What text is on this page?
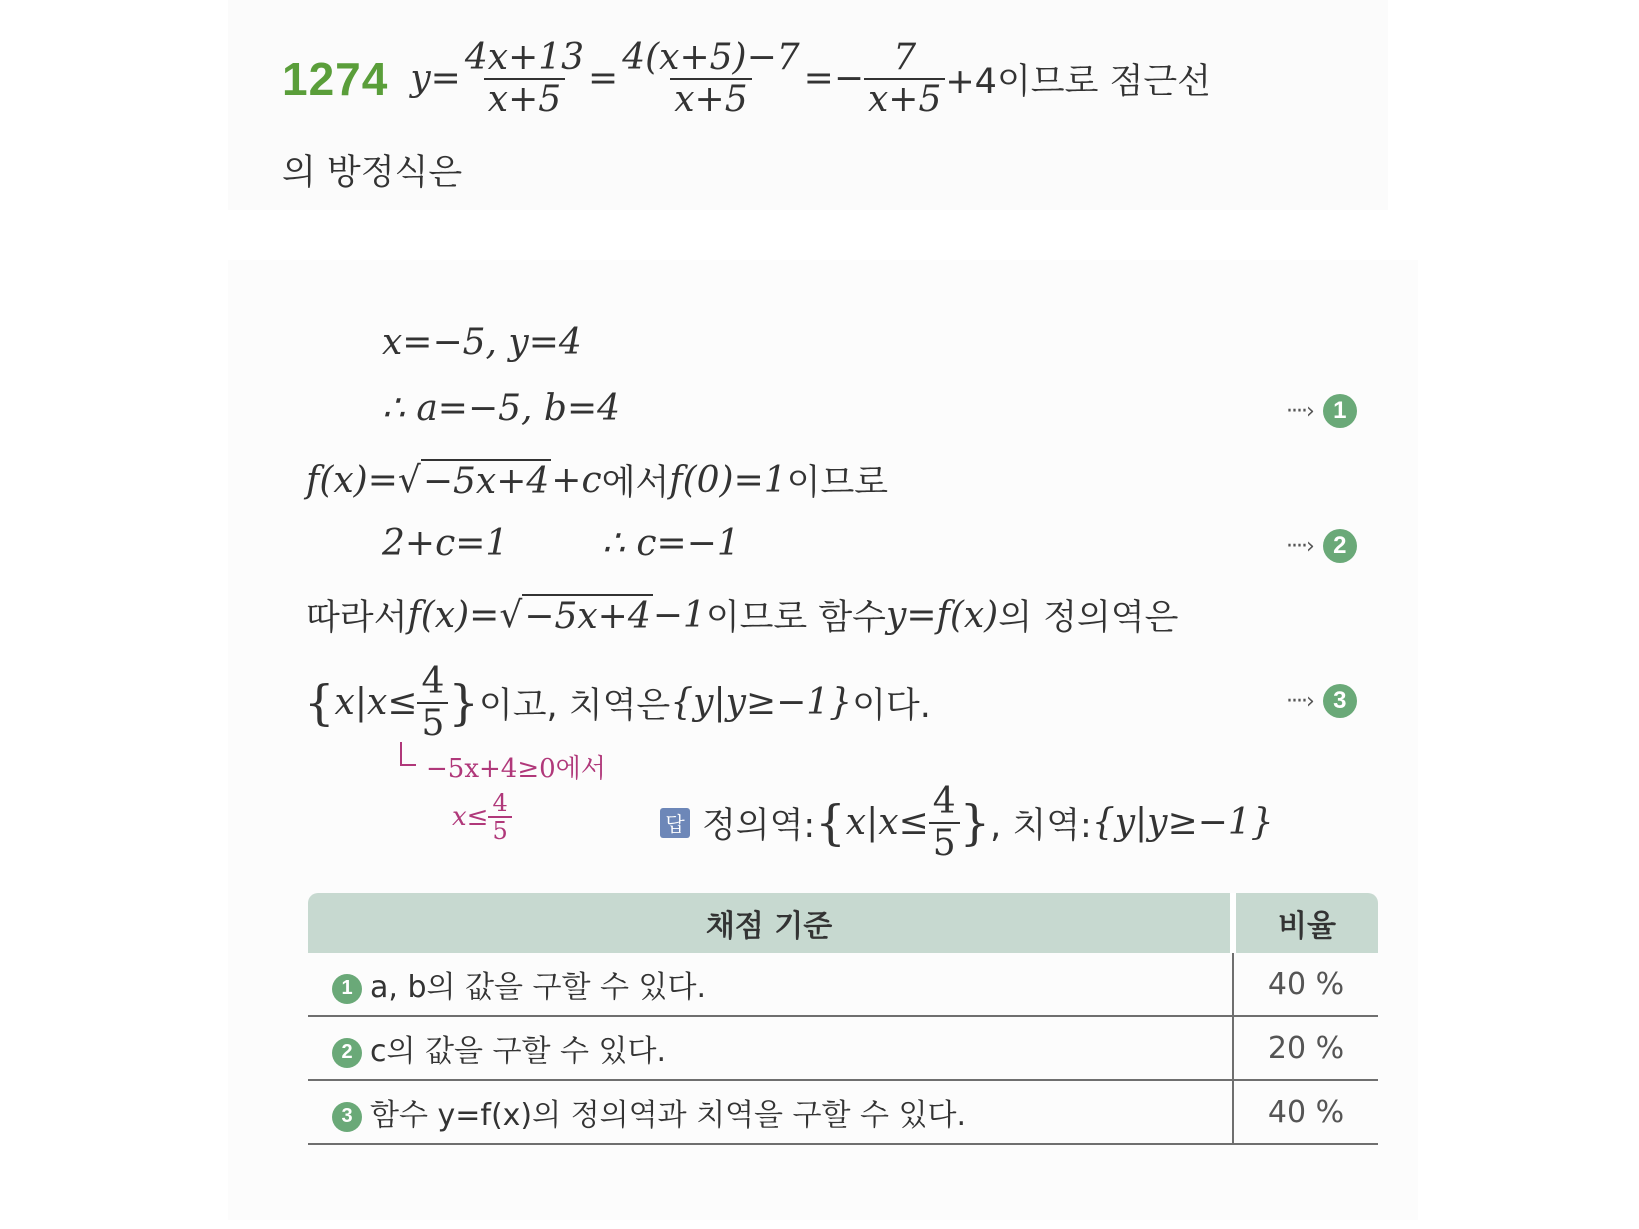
1274 $y= \frac{4x+13}{x+5} = \frac{4(x+5)-7}{x+5} =- \frac{7}{x+5} +4$이므로 점근선
의 방정식은
x=−5, y=4
∴ a=−5, b=4	····› 1
f(x)= √ −5x+4 +c 에서 f(0)=1 이므로
2+c=1	∴ c=−1	····› 2
따라서 f(x)= √ −5x+4 −1 이므로 함수 y=f(x) 의 정의역은
{ $x|x\le \frac{4}{5}$ } 이고, 치역은 {y|y≥−1} 이다.	····› 3
−5x+4≥0에서
$x\le \frac{4}{5}$	답 정의역: { $x|x\le \frac{4}{5}$ } , 치역: {y|y≥−1}
채점 기준	비율
1 a, b의 값을 구할 수 있다.	40 %
2 c의 값을 구할 수 있다.	20 %
3 함수 y=f(x)의 정의역과 치역을 구할 수 있다.	40 %
